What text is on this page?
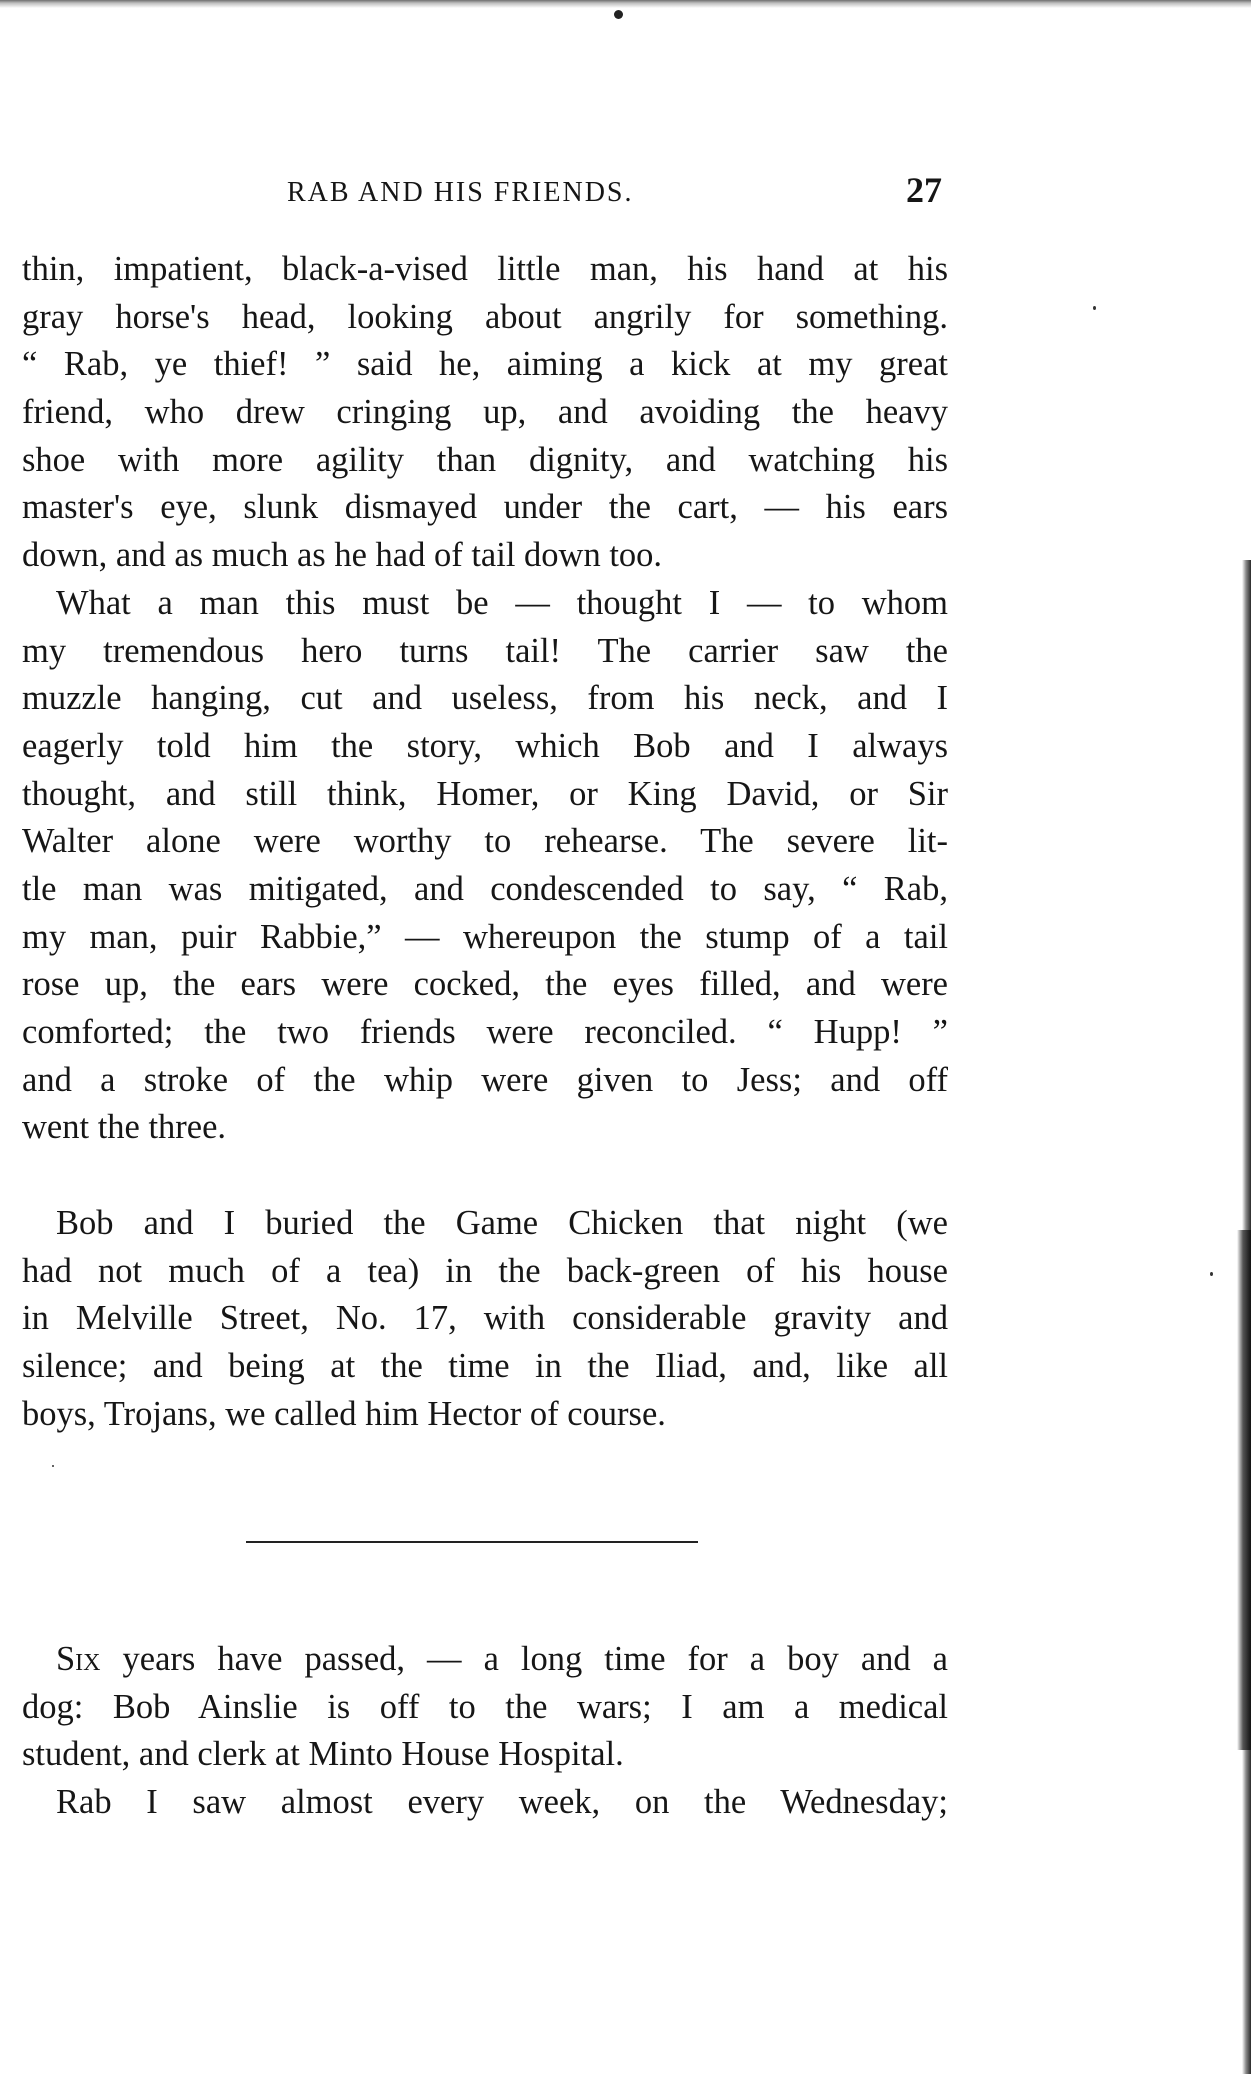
RAB AND HIS FRIENDS.	27
thin, impatient, black-a-vised little man, his hand at his
gray horse's head, looking about angrily for something.
“ Rab, ye thief! ” said he, aiming a kick at my great
friend, who drew cringing up, and avoiding the heavy
shoe with more agility than dignity, and watching his
master's eye, slunk dismayed under the cart, — his ears
down, and as much as he had of tail down too.
What a man this must be — thought I — to whom
my tremendous hero turns tail! The carrier saw the
muzzle hanging, cut and useless, from his neck, and I
eagerly told him the story, which Bob and I always
thought, and still think, Homer, or King David, or Sir
Walter alone were worthy to rehearse. The severe lit-
tle man was mitigated, and condescended to say, “ Rab,
my man, puir Rabbie,” — whereupon the stump of a tail
rose up, the ears were cocked, the eyes filled, and were
comforted; the two friends were reconciled. “ Hupp! ”
and a stroke of the whip were given to Jess; and off
went the three.
Bob and I buried the Game Chicken that night (we
had not much of a tea) in the back-green of his house
in Melville Street, No. 17, with considerable gravity and
silence; and being at the time in the Iliad, and, like all
boys, Trojans, we called him Hector of course.
Six years have passed, — a long time for a boy and a
dog: Bob Ainslie is off to the wars; I am a medical
student, and clerk at Minto House Hospital.
Rab I saw almost every week, on the Wednesday;
